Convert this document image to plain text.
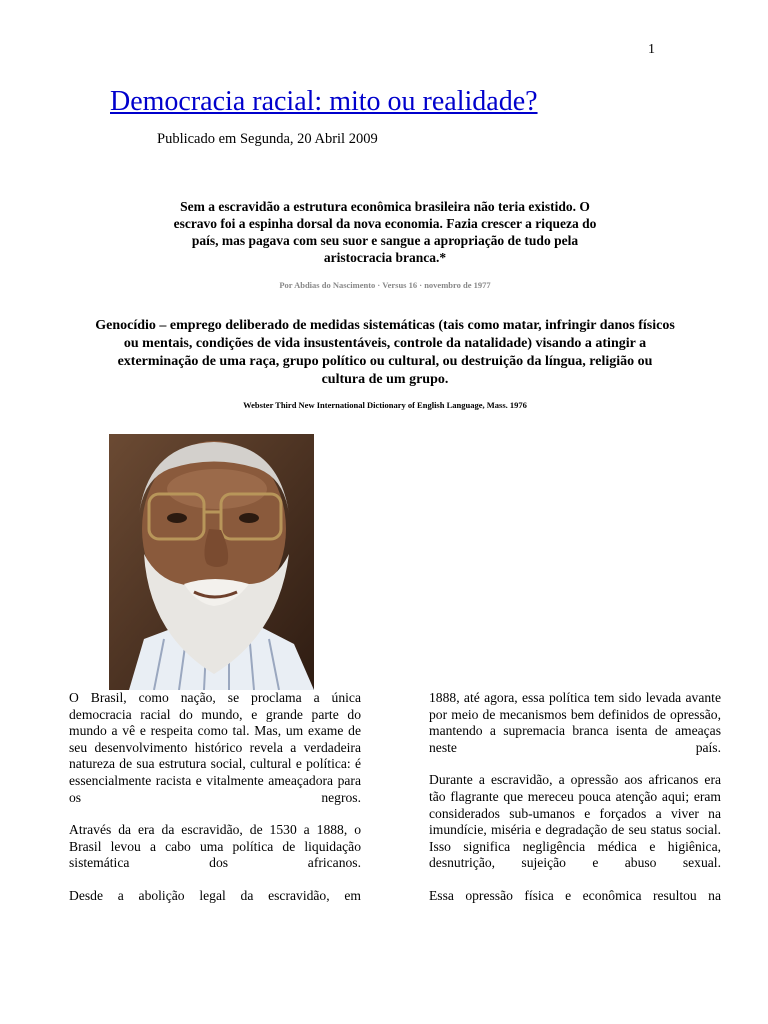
1
Democracia racial: mito ou realidade?
Publicado em Segunda, 20 Abril 2009
Sem a escravidão a estrutura econômica brasileira não teria existido. O escravo foi a espinha dorsal da nova economia. Fazia crescer a riqueza do país, mas pagava com seu suor e sangue a apropriação de tudo pela aristocracia branca.*
Por Abdias do Nascimento · Versus 16 · novembro de 1977
Genocídio – emprego deliberado de medidas sistemáticas (tais como matar, infringir danos físicos ou mentais, condições de vida insustentáveis, controle da natalidade) visando a atingir a exterminação de uma raça, grupo político ou cultural, ou destruição da língua, religião ou cultura de um grupo.
Webster Third New International Dictionary of English Language, Mass. 1976

O Brasil, como nação, se proclama a única democracia racial do mundo, e grande parte do mundo a vê e respeita como tal. Mas, um exame de seu desenvolvimento histórico revela a verdadeira natureza de sua estrutura social, cultural e política: é essencialmente racista e vitalmente ameaçadora para os negros.

Através da era da escravidão, de 1530 a 1888, o Brasil levou a cabo uma política de liquidação sistemática dos africanos.

Desde a abolição legal da escravidão, em

1888, até agora, essa política tem sido levada avante por meio de mecanismos bem definidos de opressão, mantendo a supremacia branca isenta de ameaças neste país.

Durante a escravidão, a opressão aos africanos era tão flagrante que mereceu pouca atenção aqui; eram considerados sub-umanos e forçados a viver na imundície, miséria e degradação de seu status social. Isso significa negligência médica e higiênica, desnutrição, sujeição e abuso sexual.

Essa opressão física e econômica resultou na
